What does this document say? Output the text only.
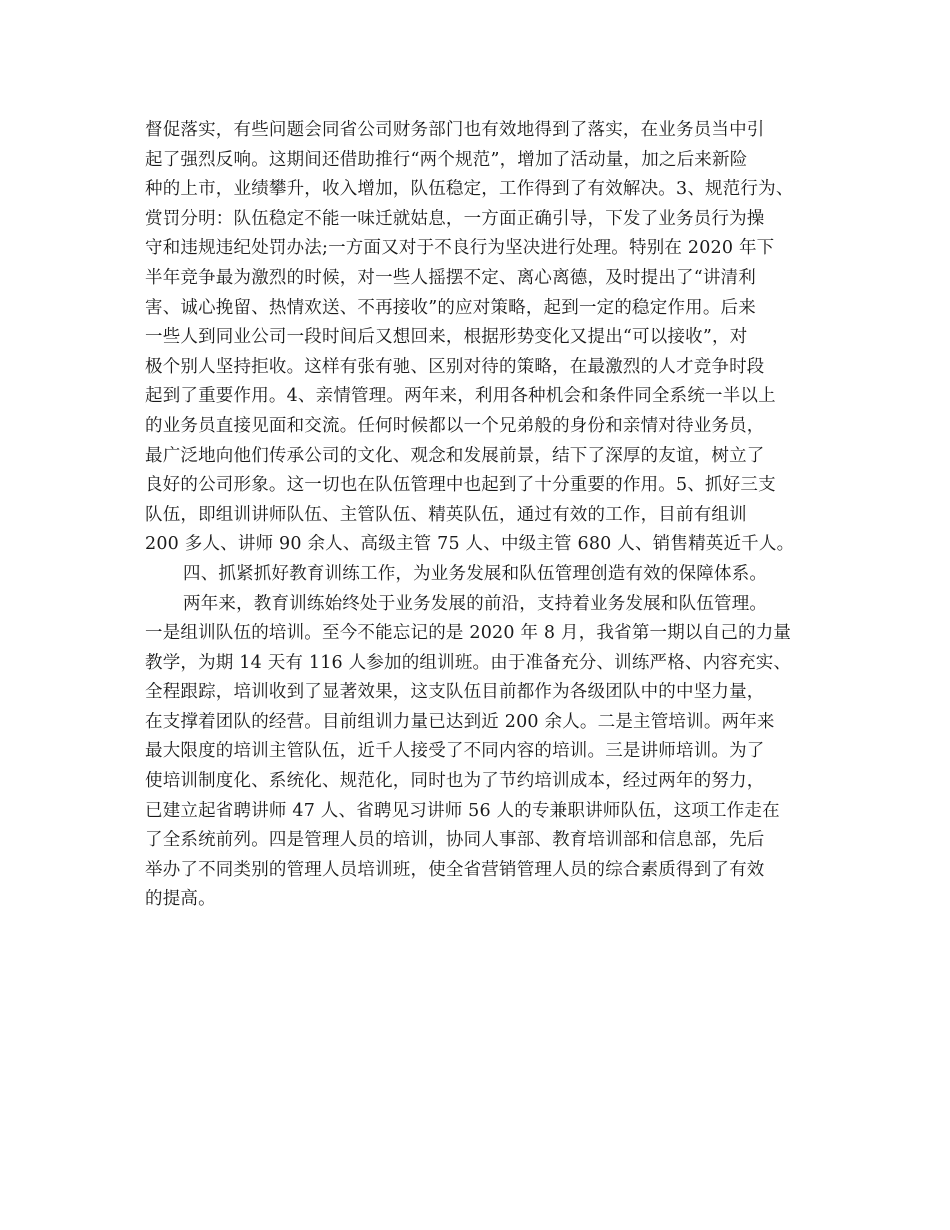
督促落实，有些问题会同省公司财务部门也有效地得到了落实，在业务员当中引
起了强烈反响。这期间还借助推行“两个规范”，增加了活动量，加之后来新险
种的上市，业绩攀升，收入增加，队伍稳定，工作得到了有效解决。3、规范行为、
赏罚分明：队伍稳定不能一味迁就姑息，一方面正确引导，下发了业务员行为操
守和违规违纪处罚办法;一方面又对于不良行为坚决进行处理。特别在 2020 年下
半年竞争最为激烈的时候，对一些人摇摆不定、离心离德，及时提出了“讲清利
害、诚心挽留、热情欢送、不再接收”的应对策略，起到一定的稳定作用。后来
一些人到同业公司一段时间后又想回来，根据形势变化又提出“可以接收”，对
极个别人坚持拒收。这样有张有驰、区别对待的策略，在最激烈的人才竞争时段
起到了重要作用。4、亲情管理。两年来，利用各种机会和条件同全系统一半以上
的业务员直接见面和交流。任何时候都以一个兄弟般的身份和亲情对待业务员，
最广泛地向他们传承公司的文化、观念和发展前景，结下了深厚的友谊，树立了
良好的公司形象。这一切也在队伍管理中也起到了十分重要的作用。5、抓好三支
队伍，即组训讲师队伍、主管队伍、精英队伍，通过有效的工作，目前有组训
200 多人、讲师 90 余人、高级主管 75 人、中级主管 680 人、销售精英近千人。
四、抓紧抓好教育训练工作，为业务发展和队伍管理创造有效的保障体系。
两年来，教育训练始终处于业务发展的前沿，支持着业务发展和队伍管理。
一是组训队伍的培训。至今不能忘记的是 2020 年 8 月，我省第一期以自己的力量
教学，为期 14 天有 116 人参加的组训班。由于准备充分、训练严格、内容充实、
全程跟踪，培训收到了显著效果，这支队伍目前都作为各级团队中的中坚力量，
在支撑着团队的经营。目前组训力量已达到近 200 余人。二是主管培训。两年来
最大限度的培训主管队伍，近千人接受了不同内容的培训。三是讲师培训。为了
使培训制度化、系统化、规范化，同时也为了节约培训成本，经过两年的努力，
已建立起省聘讲师 47 人、省聘见习讲师 56 人的专兼职讲师队伍，这项工作走在
了全系统前列。四是管理人员的培训，协同人事部、教育培训部和信息部，先后
举办了不同类别的管理人员培训班，使全省营销管理人员的综合素质得到了有效
的提高。
